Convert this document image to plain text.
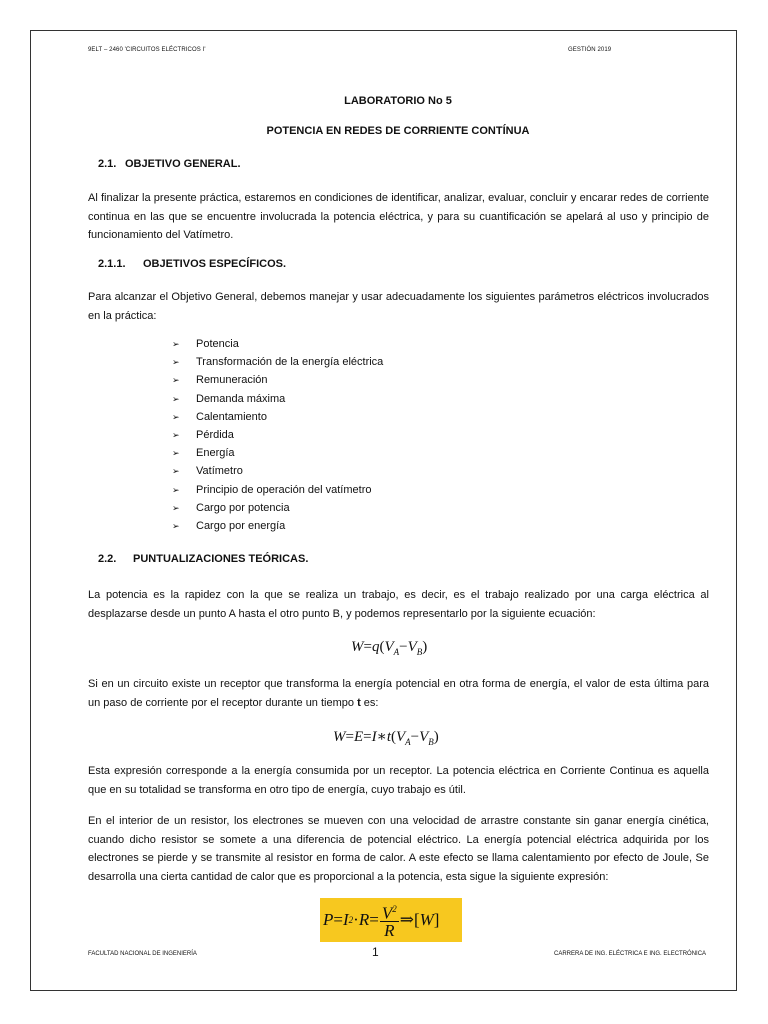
9ELT – 2460 'CIRCUITOS ELÉCTRICOS I'	GESTIÓN 2019
LABORATORIO No 5
POTENCIA EN REDES DE CORRIENTE CONTÍNUA
2.1. OBJETIVO GENERAL.
Al finalizar la presente práctica, estaremos en condiciones de identificar, analizar, evaluar, concluir y encarar redes de corriente continua en las que se encuentre involucrada la potencia eléctrica, y para su cuantificación se apelará al uso y principio de funcionamiento del Vatímetro.
2.1.1. OBJETIVOS ESPECÍFICOS.
Para alcanzar el Objetivo General, debemos manejar y usar adecuadamente los siguientes parámetros eléctricos involucrados en la práctica:
➢	Potencia
➢	Transformación de la energía eléctrica
➢	Remuneración
➢	Demanda máxima
➢	Calentamiento
➢	Pérdida
➢	Energía
➢	Vatímetro
➢	Principio de operación del vatímetro
➢	Cargo por potencia
➢	Cargo por energía
2.2. PUNTUALIZACIONES TEÓRICAS.
La potencia es la rapidez con la que se realiza un trabajo, es decir, es el trabajo realizado por una carga eléctrica al desplazarse desde un punto A hasta el otro punto B, y podemos representarlo por la siguiente ecuación:
$W=q(V_A-V_B)$
Si en un circuito existe un receptor que transforma la energía potencial en otra forma de energía, el valor de esta última para un paso de corriente por el receptor durante un tiempo t es:
$W=E=I∗t(V_A-V_B)$
Esta expresión corresponde a la energía consumida por un receptor. La potencia eléctrica en Corriente Continua es aquella que en su totalidad se transforma en otro tipo de energía, cuyo trabajo es útil.
En el interior de un resistor, los electrones se mueven con una velocidad de arrastre constante sin ganar energía cinética, cuando dicho resistor se somete a una diferencia de potencial eléctrico. La energía potencial eléctrica adquirida por los electrones se pierde y se transmite al resistor en forma de calor. A este efecto se llama calentamiento por efecto de Joule, Se desarrolla una cierta cantidad de calor que es proporcional a la potencia, esta sigue la siguiente expresión:
P = I $2 \cdot R = \frac{V^2}{R}$ ⇒[ W ]
FACULTAD NACIONAL DE INGENIERÍA	1	CARRERA DE ING. ELÉCTRICA E ING. ELECTRÓNICA
